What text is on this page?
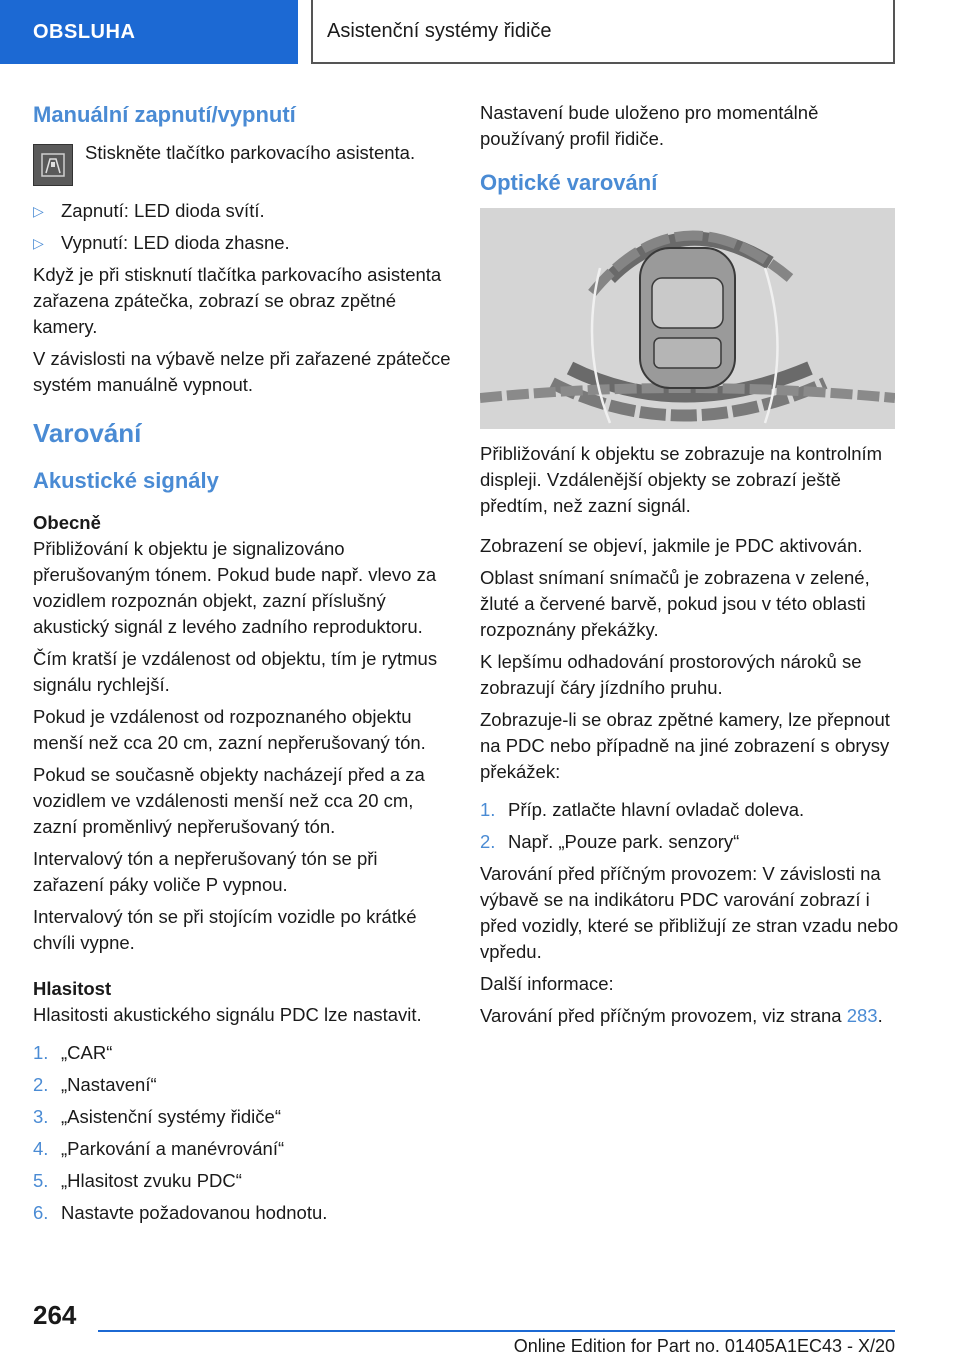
OBSLUHA	Asistenční systémy řidiče
Manuální zapnutí/vypnutí
Stiskněte tlačítko parkovacího asistenta.
▷ Zapnutí: LED dioda svítí.
▷ Vypnutí: LED dioda zhasne.

Když je při stisknutí tlačítka parkovacího asistenta zařazena zpátečka, zobrazí se obraz zpětné kamery.

V závislosti na výbavě nelze při zařazené zpátečce systém manuálně vypnout.

Varování
Akustické signály
Obecně

Přibližování k objektu je signalizováno přerušovaným tónem. Pokud bude např. vlevo za vozidlem rozpoznán objekt, zazní příslušný akustický signál z levého zadního reproduktoru.

Čím kratší je vzdálenost od objektu, tím je rytmus signálu rychlejší.

Pokud je vzdálenost od rozpoznaného objektu menší než cca 20 cm, zazní nepřerušovaný tón.

Pokud se současně objekty nacházejí před a za vozidlem ve vzdálenosti menší než cca 20 cm, zazní proměnlivý nepřerušovaný tón.

Intervalový tón a nepřerušovaný tón se při zařazení páky voliče P vypnou.

Intervalový tón se při stojícím vozidle po krátké chvíli vypne.

Hlasitost

Hlasitosti akustického signálu PDC lze nastavit.

1. „CAR“
2. „Nastavení“
3. „Asistenční systémy řidiče“
4. „Parkování a manévrování“
5. „Hlasitost zvuku PDC“
6. Nastavte požadovanou hodnotu.

Nastavení bude uloženo pro momentálně používaný profil řidiče.

Optické varování

Přibližování k objektu se zobrazuje na kontrolním displeji. Vzdálenější objekty se zobrazí ještě předtím, než zazní signál.

Zobrazení se objeví, jakmile je PDC aktivován.

Oblast snímaní snímačů je zobrazena v zelené, žluté a červené barvě, pokud jsou v této oblasti rozpoznány překážky.

K lepšímu odhadování prostorových nároků se zobrazují čáry jízdního pruhu.

Zobrazuje-li se obraz zpětné kamery, lze přepnout na PDC nebo případně na jiné zobrazení s obrysy překážek:

1. Příp. zatlačte hlavní ovladač doleva.
2. Např. „Pouze park. senzory“

Varování před příčným provozem: V závislosti na výbavě se na indikátoru PDC varování zobrazí i před vozidly, které se přibližují ze stran vzadu nebo vpředu.

Další informace:

Varování před příčným provozem, viz strana 283.

264
Online Edition for Part no. 01405A1EC43 - X/20
